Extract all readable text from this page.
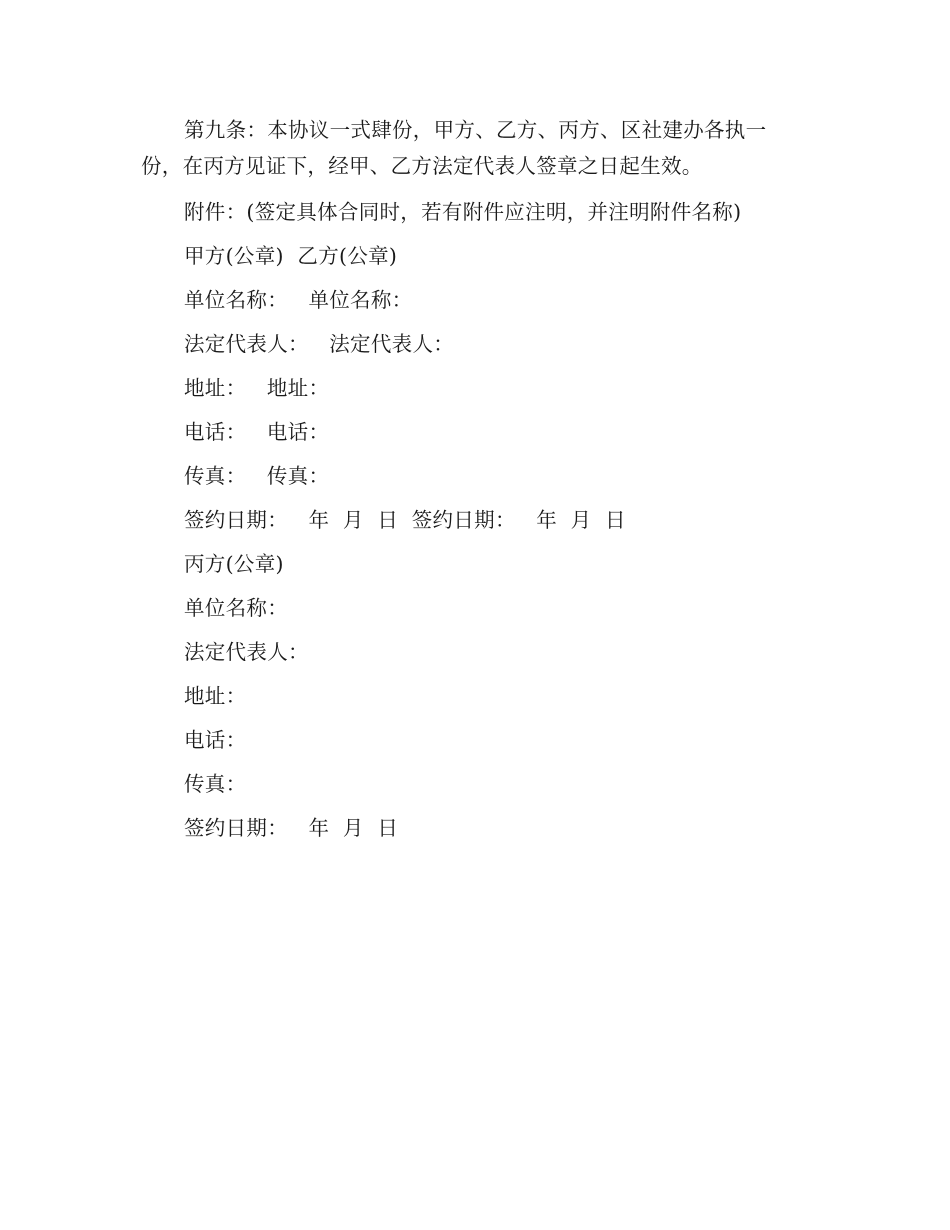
第九条：本协议一式肆份，甲方、乙方、丙方、区社建办各执一份，在丙方见证下，经甲、乙方法定代表人签章之日起生效。

附件：(签定具体合同时，若有附件应注明，并注明附件名称)

甲方(公章)  乙方(公章)

单位名称：   单位名称：

法定代表人：   法定代表人：

地址：   地址：

电话：   电话：

传真：   传真：

签约日期：   年  月  日  签约日期：   年  月  日

丙方(公章)

单位名称：

法定代表人：

地址：

电话：

传真：

签约日期：   年  月  日
